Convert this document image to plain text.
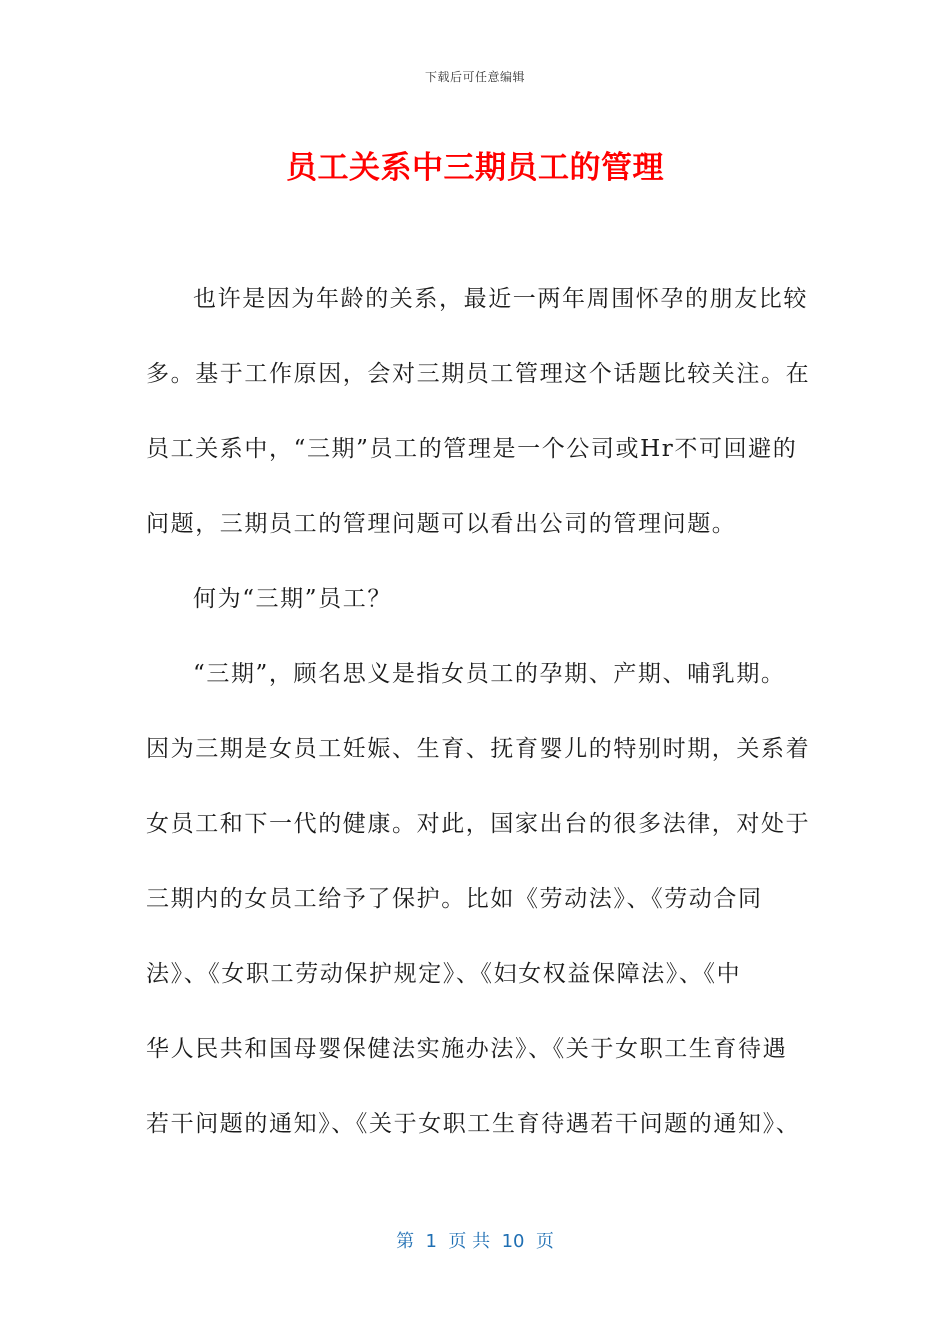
下载后可任意编辑
员工关系中三期员工的管理
也许是因为年龄的关系，最近一两年周围怀孕的朋友比较
多。基于工作原因，会对三期员工管理这个话题比较关注。在
员工关系中，“三期”员工的管理是一个公司或Hr不可回避的
问题，三期员工的管理问题可以看出公司的管理问题。
何为“三期”员工？
“三期”，顾名思义是指女员工的孕期、产期、哺乳期。
因为三期是女员工妊娠、生育、抚育婴儿的特别时期，关系着
女员工和下一代的健康。对此，国家出台的很多法律，对处于
三期内的女员工给予了保护。比如《劳动法》、《劳动合同
法》、《女职工劳动保护规定》、《妇女权益保障法》、《中
华人民共和国母婴保健法实施办法》、《关于女职工生育待遇
若干问题的通知》、《关于女职工生育待遇若干问题的通知》、
第  1  页 共  10  页
